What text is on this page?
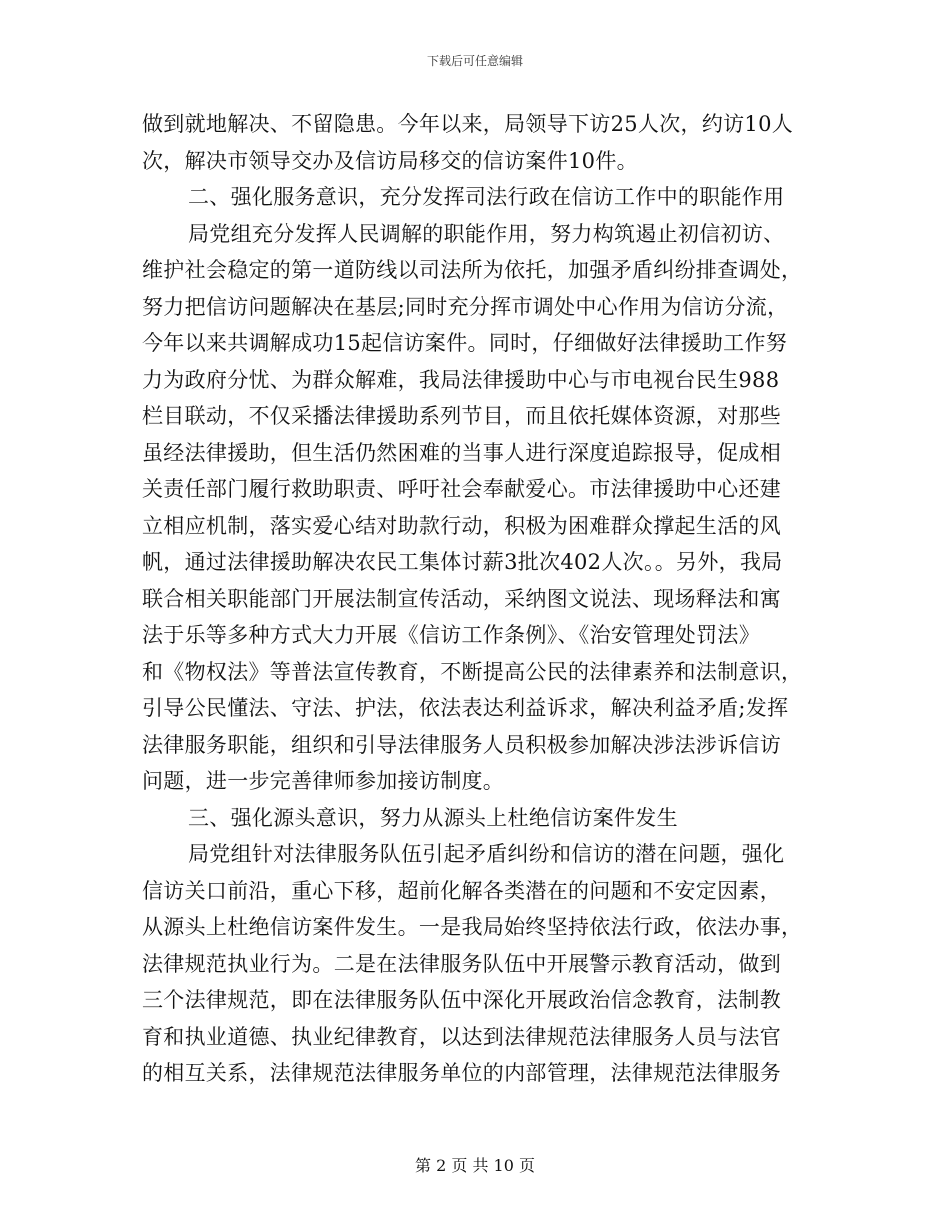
下载后可任意编辑
做到就地解决、不留隐患。今年以来，局领导下访25人次，约访10人
次，解决市领导交办及信访局移交的信访案件10件。
二、强化服务意识，充分发挥司法行政在信访工作中的职能作用
局党组充分发挥人民调解的职能作用，努力构筑遏止初信初访、
维护社会稳定的第一道防线以司法所为依托，加强矛盾纠纷排查调处，
努力把信访问题解决在基层;同时充分挥市调处中心作用为信访分流，
今年以来共调解成功15起信访案件。同时，仔细做好法律援助工作努
力为政府分忧、为群众解难，我局法律援助中心与市电视台民生988
栏目联动，不仅采播法律援助系列节目，而且依托媒体资源，对那些
虽经法律援助，但生活仍然困难的当事人进行深度追踪报导，促成相
关责任部门履行救助职责、呼吁社会奉献爱心。市法律援助中心还建
立相应机制，落实爱心结对助款行动，积极为困难群众撑起生活的风
帆，通过法律援助解决农民工集体讨薪3批次402人次。。另外，我局
联合相关职能部门开展法制宣传活动，采纳图文说法、现场释法和寓
法于乐等多种方式大力开展《信访工作条例》、《治安管理处罚法》
和《物权法》等普法宣传教育，不断提高公民的法律素养和法制意识，
引导公民懂法、守法、护法，依法表达利益诉求，解决利益矛盾;发挥
法律服务职能，组织和引导法律服务人员积极参加解决涉法涉诉信访
问题，进一步完善律师参加接访制度。
三、强化源头意识，努力从源头上杜绝信访案件发生
局党组针对法律服务队伍引起矛盾纠纷和信访的潜在问题，强化
信访关口前沿，重心下移，超前化解各类潜在的问题和不安定因素，
从源头上杜绝信访案件发生。一是我局始终坚持依法行政，依法办事，
法律规范执业行为。二是在法律服务队伍中开展警示教育活动，做到
三个法律规范，即在法律服务队伍中深化开展政治信念教育，法制教
育和执业道德、执业纪律教育，以达到法律规范法律服务人员与法官
的相互关系，法律规范法律服务单位的内部管理，法律规范法律服务
第 2 页 共 10 页
